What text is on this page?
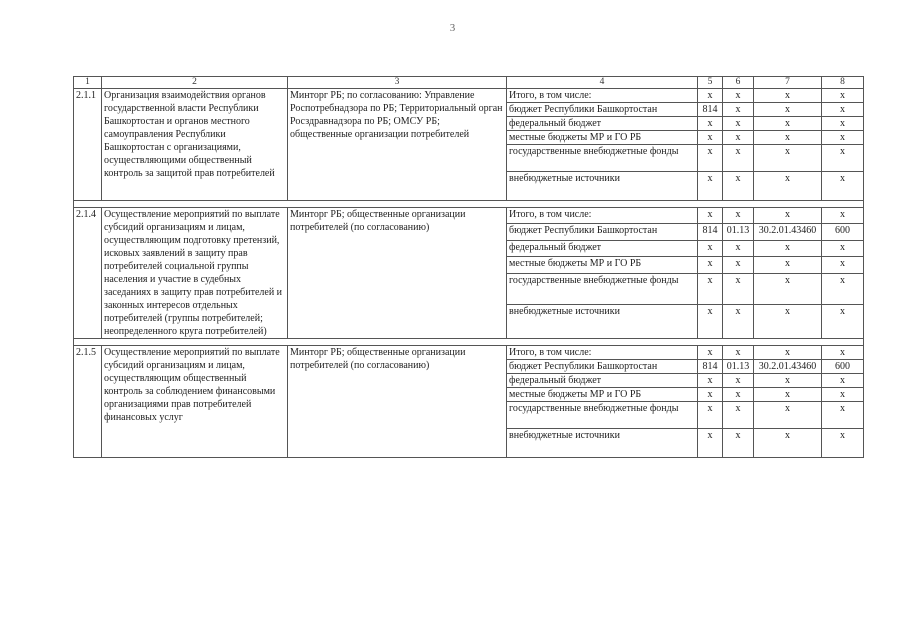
3
1	2	3	4	5	6	7	8
2.1.1	Организация взаимодействия органов государственной власти Республики Башкортостан и органов местного самоуправления Республики Башкортостан с организациями, осуществляющими общественный контроль за защитой прав потребителей	Минторг РБ; по согласованию: Управление Роспотребнадзора по РБ; Территориальный орган Росздравнадзора по РБ; ОМСУ РБ; общественные организации потребителей	Итого, в том числе:	x	x	x	x
			бюджет Республики Башкортостан	814	x	x	x
			федеральный бюджет	x	x	x	x
			местные бюджеты МР и ГО РБ	x	x	x	x
			государственные внебюджетные фонды	x	x	x	x
			внебюджетные источники	x	x	x	x

2.1.4	Осуществление мероприятий по выплате субсидий организациям и лицам, осуществляющим подготовку претензий, исковых заявлений в защиту прав потребителей социальной группы населения и участие в судебных заседаниях в защиту прав потребителей и законных интересов отдельных потребителей (группы потребителей; неопределенного круга потребителей)	Минторг РБ; общественные организации потребителей (по согласованию)	Итого, в том числе:	x	x	x	x
			бюджет Республики Башкортостан	814	01.13	30.2.01.43460	600
			федеральный бюджет	x	x	x	x
			местные бюджеты МР и ГО РБ	x	x	x	x
			государственные внебюджетные фонды	x	x	x	x
			внебюджетные источники	x	x	x	x

2.1.5	Осуществление мероприятий по выплате субсидий организациям и лицам, осуществляющим общественный контроль за соблюдением финансовыми организациями прав потребителей финансовых услуг	Минторг РБ; общественные организации потребителей (по согласованию)	Итого, в том числе:	x	x	x	x
			бюджет Республики Башкортостан	814	01.13	30.2.01.43460	600
			федеральный бюджет	x	x	x	x
			местные бюджеты МР и ГО РБ	x	x	x	x
			государственные внебюджетные фонды	x	x	x	x
			внебюджетные источники	x	x	x	x
